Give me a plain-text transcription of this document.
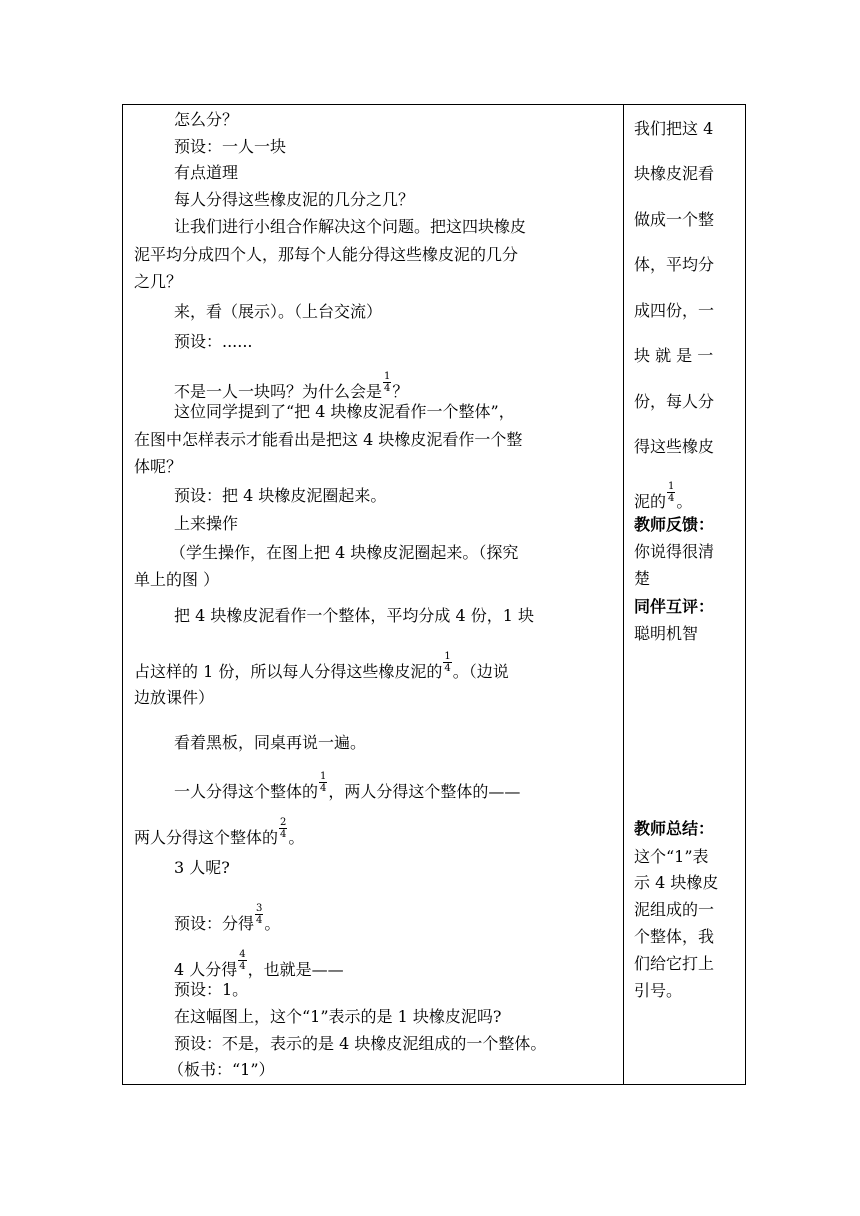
怎么分？
预设：一人一块
有点道理
每人分得这些橡皮泥的几分之几？
让我们进行小组合作解决这个问题。把这四块橡皮
泥平均分成四个人，那每个人能分得这些橡皮泥的几分
之几？
来，看（展示）。（上台交流）
预设：......
不是一人一块吗？为什么会是 $\frac{1}{4}$ ？
这位同学提到了“把 4 块橡皮泥看作一个整体”，
在图中怎样表示才能看出是把这 4 块橡皮泥看作一个整
体呢？
预设：把 4 块橡皮泥圈起来。
上来操作
（学生操作，在图上把 4 块橡皮泥圈起来。（探究
单上的图 ）
把 4 块橡皮泥看作一个整体，平均分成 4 份，1 块
占这样的 1 份，所以每人分得这些橡皮泥的 $\frac{1}{4}$ 。（边说
边放课件）
看着黑板，同桌再说一遍。
一人分得这个整体的 $\frac{1}{4}$ ，两人分得这个整体的——
两人分得这个整体的 $\frac{2}{4}$ 。
3 人呢?
预设：分得 $\frac{3}{4}$ 。
4 人分得 $\frac{4}{4}$ ，也就是——
预设：1。
在这幅图上，这个“1”表示的是 1 块橡皮泥吗?
预设：不是，表示的是 4 块橡皮泥组成的一个整体。
（板书：“1”）
我们把这 4
块橡皮泥看
做成一个整
体，平均分
成四份，一
块 就 是 一
份，每人分
得这些橡皮
泥的 $\frac{1}{4}$ 。
教师反馈：
你说得很清
楚
同伴互评：
聪明机智
教师总结：
这个“1”表
示 4 块橡皮
泥组成的一
个整体，我
们给它打上
引号。
